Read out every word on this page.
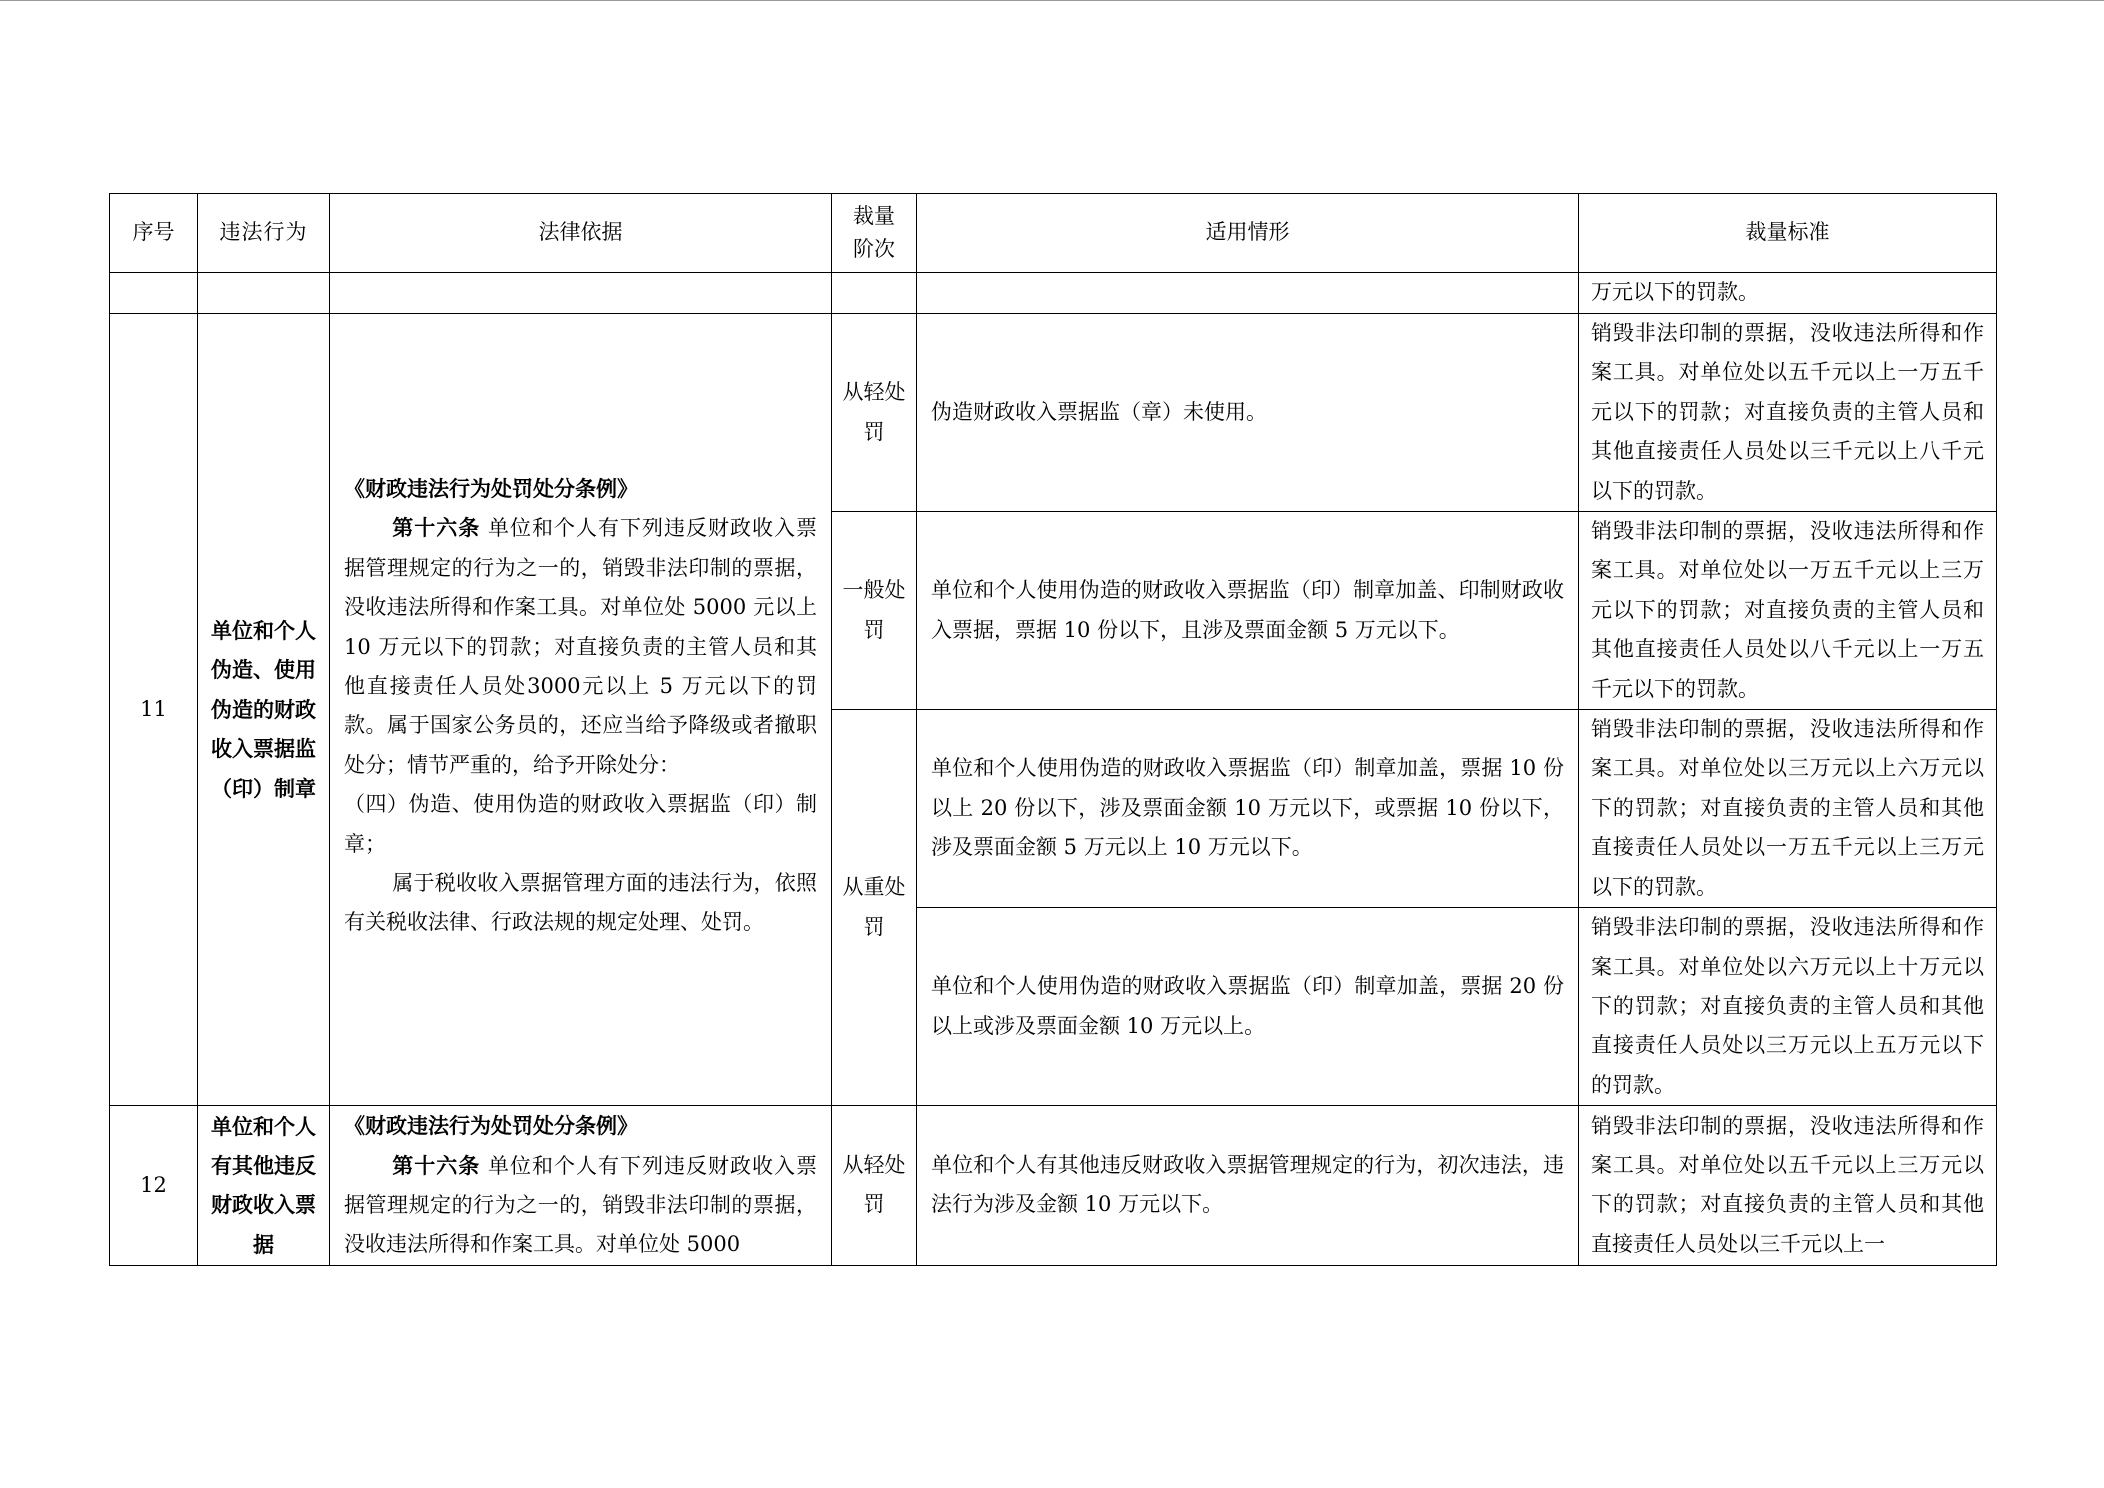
序号	违法行为	法律依据	裁量阶次	适用情形	裁量标准
					万元以下的罚款。
11	单位和个人伪造、使用伪造的财政收入票据监（印）制章	《财政违法行为处罚处分条例》

第十六条 单位和个人有下列违反财政收入票据管理规定的行为之一的，销毁非法印制的票据，没收违法所得和作案工具。对单位处 5000 元以上 10 万元以下的罚款；对直接负责的主管人员和其他直接责任人员处3000元以上 5 万元以下的罚款。属于国家公务员的，还应当给予降级或者撤职处分；情节严重的，给予开除处分：

（四）伪造、使用伪造的财政收入票据监（印）制章；

属于税收收入票据管理方面的违法行为，依照有关税收法律、行政法规的规定处理、处罚。	从轻处罚	伪造财政收入票据监（章）未使用。	销毁非法印制的票据，没收违法所得和作案工具。对单位处以五千元以上一万五千元以下的罚款；对直接负责的主管人员和其他直接责任人员处以三千元以上八千元以下的罚款。
			一般处罚	单位和个人使用伪造的财政收入票据监（印）制章加盖、印制财政收入票据，票据 10 份以下，且涉及票面金额 5 万元以下。	销毁非法印制的票据，没收违法所得和作案工具。对单位处以一万五千元以上三万元以下的罚款；对直接负责的主管人员和其他直接责任人员处以八千元以上一万五千元以下的罚款。
			从重处罚	单位和个人使用伪造的财政收入票据监（印）制章加盖，票据 10 份以上 20 份以下，涉及票面金额 10 万元以下，或票据 10 份以下，涉及票面金额 5 万元以上 10 万元以下。	销毁非法印制的票据，没收违法所得和作案工具。对单位处以三万元以上六万元以下的罚款；对直接负责的主管人员和其他直接责任人员处以一万五千元以上三万元以下的罚款。
				单位和个人使用伪造的财政收入票据监（印）制章加盖，票据 20 份以上或涉及票面金额 10 万元以上。	销毁非法印制的票据，没收违法所得和作案工具。对单位处以六万元以上十万元以下的罚款；对直接负责的主管人员和其他直接责任人员处以三万元以上五万元以下的罚款。
12	单位和个人有其他违反财政收入票据	《财政违法行为处罚处分条例》

第十六条 单位和个人有下列违反财政收入票据管理规定的行为之一的，销毁非法印制的票据，没收违法所得和作案工具。对单位处 5000	从轻处罚	单位和个人有其他违反财政收入票据管理规定的行为，初次违法，违法行为涉及金额 10 万元以下。	销毁非法印制的票据，没收违法所得和作案工具。对单位处以五千元以上三万元以下的罚款；对直接负责的主管人员和其他直接责任人员处以三千元以上一
